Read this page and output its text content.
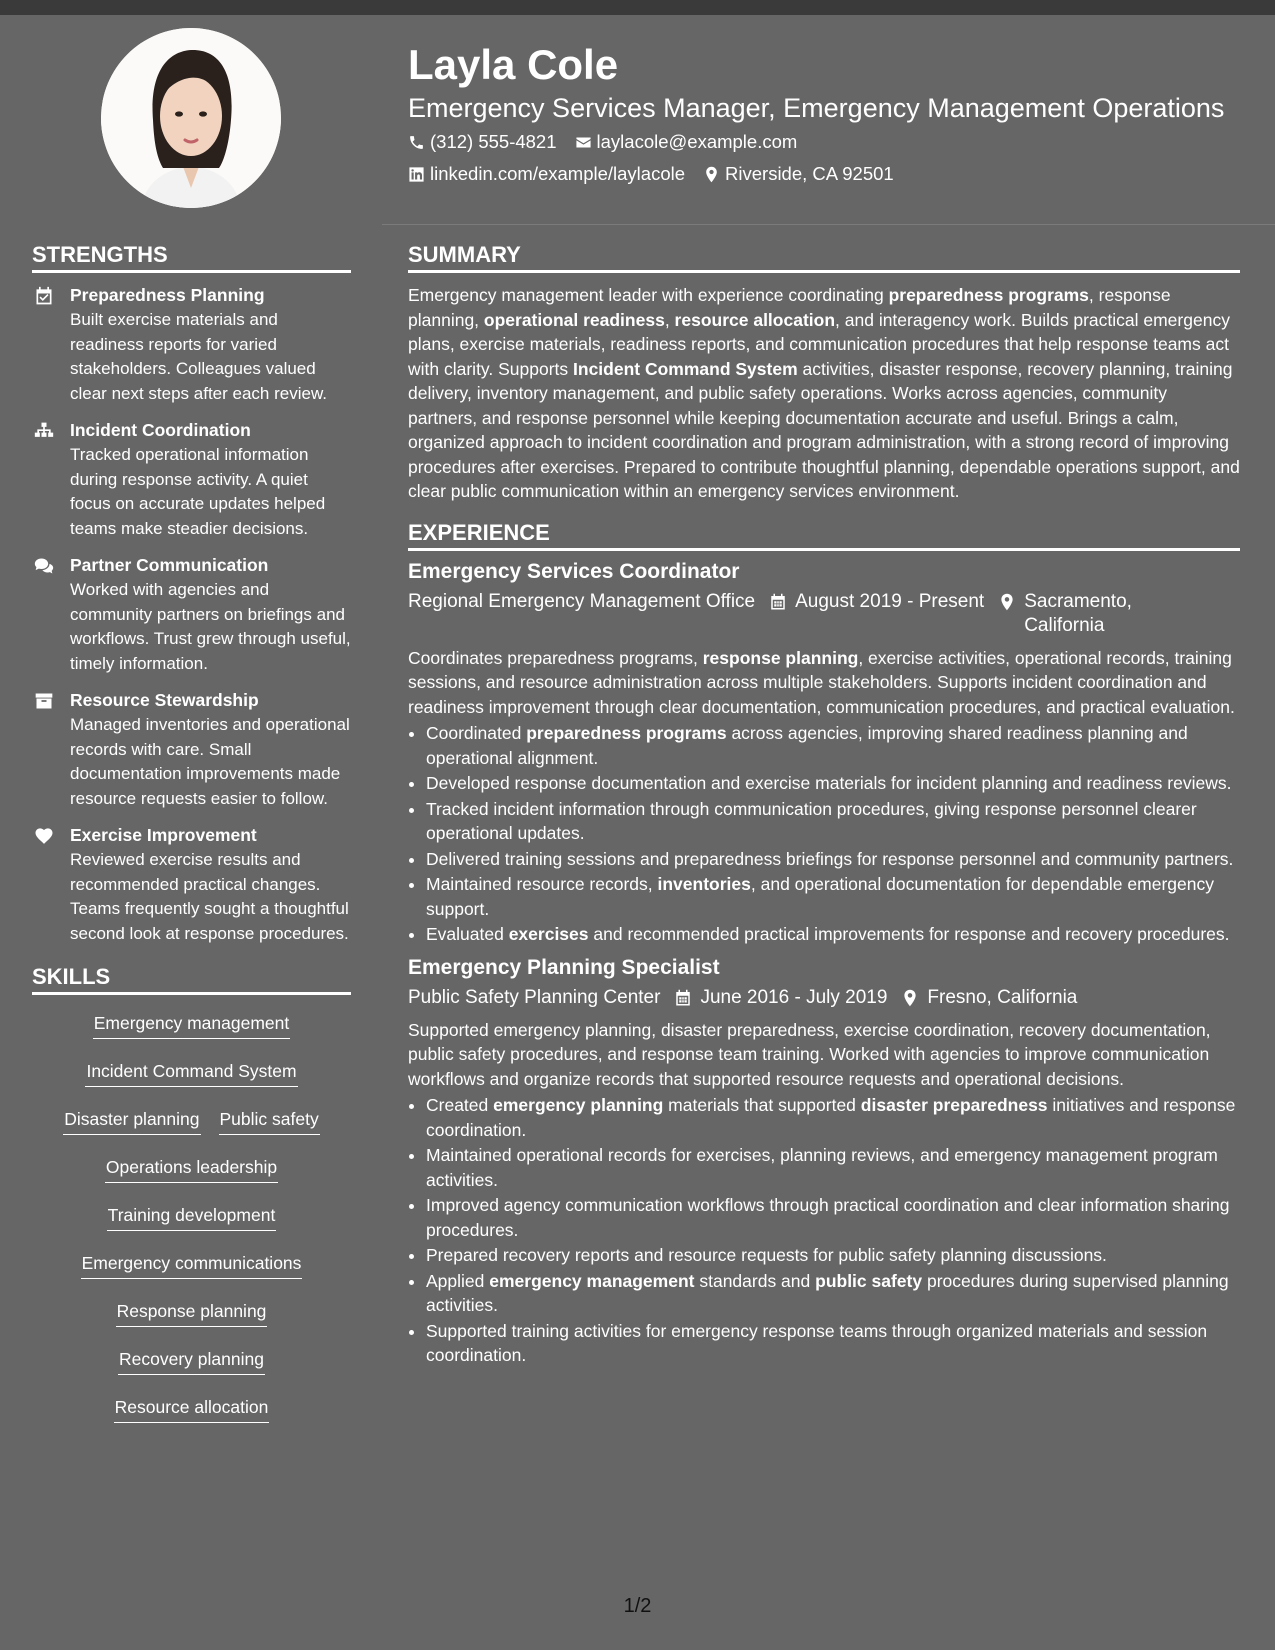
Layla Cole
Emergency Services Manager, Emergency Management Operations
(312) 555-4821 laylacole@example.com
linkedin.com/example/laylacole Riverside, CA 92501
STRENGTHS
Preparedness Planning
Built exercise materials and readiness reports for varied stakeholders. Colleagues valued clear next steps after each review.
Incident Coordination
Tracked operational information during response activity. A quiet focus on accurate updates helped teams make steadier decisions.
Partner Communication
Worked with agencies and community partners on briefings and workflows. Trust grew through useful, timely information.
Resource Stewardship
Managed inventories and operational records with care. Small documentation improvements made resource requests easier to follow.
Exercise Improvement
Reviewed exercise results and recommended practical changes. Teams frequently sought a thoughtful second look at response procedures.
SKILLS
Emergency management
Incident Command System
Disaster planning Public safety
Operations leadership
Training development
Emergency communications
Response planning
Recovery planning
Resource allocation
SUMMARY

Emergency management leader with experience coordinating preparedness programs, response planning, operational readiness, resource allocation, and interagency work. Builds practical emergency plans, exercise materials, readiness reports, and communication procedures that help response teams act with clarity. Supports Incident Command System activities, disaster response, recovery planning, training delivery, inventory management, and public safety operations. Works across agencies, community partners, and response personnel while keeping documentation accurate and useful. Brings a calm, organized approach to incident coordination and program administration, with a strong record of improving procedures after exercises. Prepared to contribute thoughtful planning, dependable operations support, and clear public communication within an emergency services environment.

EXPERIENCE
Emergency Services Coordinator
Regional Emergency Management Office August 2019 - Present Sacramento, California

Coordinates preparedness programs, response planning, exercise activities, operational records, training sessions, and resource administration across multiple stakeholders. Supports incident coordination and readiness improvement through clear documentation, communication procedures, and practical evaluation.

• Coordinated preparedness programs across agencies, improving shared readiness planning and operational alignment.
• Developed response documentation and exercise materials for incident planning and readiness reviews.
• Tracked incident information through communication procedures, giving response personnel clearer operational updates.
• Delivered training sessions and preparedness briefings for response personnel and community partners.
• Maintained resource records, inventories, and operational documentation for dependable emergency support.
• Evaluated exercises and recommended practical improvements for response and recovery procedures.
Emergency Planning Specialist
Public Safety Planning Center June 2016 - July 2019 Fresno, California

Supported emergency planning, disaster preparedness, exercise coordination, recovery documentation, public safety procedures, and response team training. Worked with agencies to improve communication workflows and organize records that supported resource requests and operational decisions.

• Created emergency planning materials that supported disaster preparedness initiatives and response coordination.
• Maintained operational records for exercises, planning reviews, and emergency management program activities.
• Improved agency communication workflows through practical coordination and clear information sharing procedures.
• Prepared recovery reports and resource requests for public safety planning discussions.
• Applied emergency management standards and public safety procedures during supervised planning activities.
• Supported training activities for emergency response teams through organized materials and session coordination.
1/2
